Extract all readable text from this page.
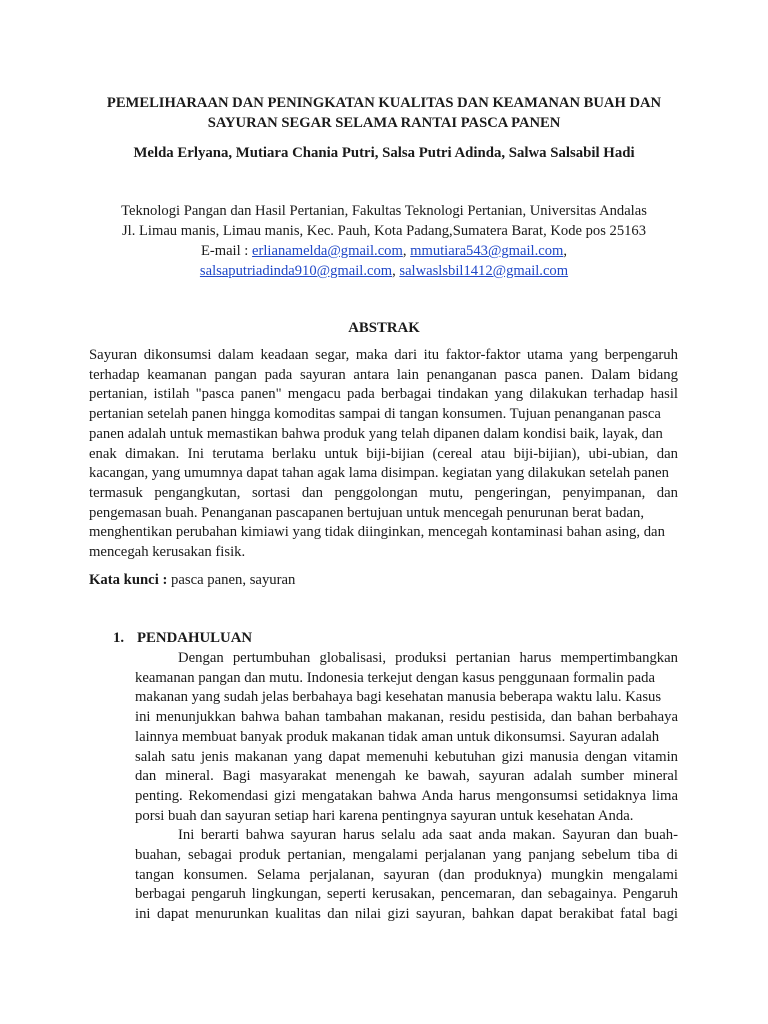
PEMELIHARAAN DAN PENINGKATAN KUALITAS DAN KEAMANAN BUAH DAN
SAYURAN SEGAR SELAMA RANTAI PASCA PANEN
Melda Erlyana, Mutiara Chania Putri, Salsa Putri Adinda, Salwa Salsabil Hadi
Teknologi Pangan dan Hasil Pertanian, Fakultas Teknologi Pertanian, Universitas Andalas
Jl. Limau manis, Limau manis, Kec. Pauh, Kota Padang,Sumatera Barat, Kode pos 25163
E-mail : erlianamelda@gmail.com, mmutiara543@gmail.com,
salsaputriadinda910@gmail.com, salwaslsbil1412@gmail.com
ABSTRAK
Sayuran dikonsumsi dalam keadaan segar, maka dari itu faktor-faktor utama yang berpengaruh
terhadap keamanan pangan pada sayuran antara lain penanganan pasca panen. Dalam bidang
pertanian, istilah "pasca panen" mengacu pada berbagai tindakan yang dilakukan terhadap hasil
pertanian setelah panen hingga komoditas sampai di tangan konsumen. Tujuan penanganan pasca
panen adalah untuk memastikan bahwa produk yang telah dipanen dalam kondisi baik, layak, dan
enak dimakan. Ini terutama berlaku untuk biji-bijian (cereal atau biji-bijian), ubi-ubian, dan
kacangan, yang umumnya dapat tahan agak lama disimpan. kegiatan yang dilakukan setelah panen
termasuk pengangkutan, sortasi dan penggolongan mutu, pengeringan, penyimpanan, dan
pengemasan buah. Penanganan pascapanen bertujuan untuk mencegah penurunan berat badan,
menghentikan perubahan kimiawi yang tidak diinginkan, mencegah kontaminasi bahan asing, dan
mencegah kerusakan fisik.
Kata kunci : pasca panen, sayuran
1. PENDAHULUAN
Dengan pertumbuhan globalisasi, produksi pertanian harus mempertimbangkan
keamanan pangan dan mutu. Indonesia terkejut dengan kasus penggunaan formalin pada
makanan yang sudah jelas berbahaya bagi kesehatan manusia beberapa waktu lalu. Kasus
ini menunjukkan bahwa bahan tambahan makanan, residu pestisida, dan bahan berbahaya
lainnya membuat banyak produk makanan tidak aman untuk dikonsumsi. Sayuran adalah
salah satu jenis makanan yang dapat memenuhi kebutuhan gizi manusia dengan vitamin
dan mineral. Bagi masyarakat menengah ke bawah, sayuran adalah sumber mineral
penting. Rekomendasi gizi mengatakan bahwa Anda harus mengonsumsi setidaknya lima
porsi buah dan sayuran setiap hari karena pentingnya sayuran untuk kesehatan Anda.
Ini berarti bahwa sayuran harus selalu ada saat anda makan. Sayuran dan buah-
buahan, sebagai produk pertanian, mengalami perjalanan yang panjang sebelum tiba di
tangan konsumen. Selama perjalanan, sayuran (dan produknya) mungkin mengalami
berbagai pengaruh lingkungan, seperti kerusakan, pencemaran, dan sebagainya. Pengaruh
ini dapat menurunkan kualitas dan nilai gizi sayuran, bahkan dapat berakibat fatal bagi
